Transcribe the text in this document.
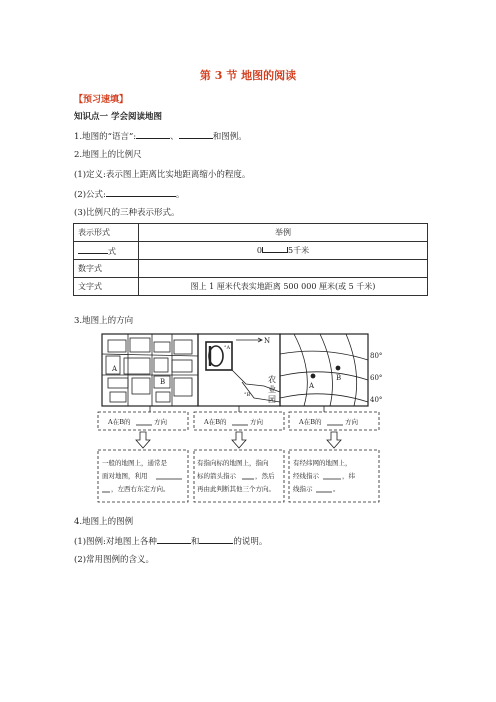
第 3 节 地图的阅读
【预习速填】
知识点一 学会阅读地图
1.地图的“语言”:	、	和图例。
2.地图上的比例尺
(1)定义:表示图上距离比实地距离缩小的程度。
(2)公式:	。
(3)比例尺的三种表示形式。
表示形式	举例
式	0 5千米
数字式	
文字式	图上 1 厘米代表实地距离 500 000 厘米(或 5 千米)
3.地图上的方向
A
B
°A
N
°B
农
业
园
A
B
80°
60°
40°
A在B的	方向	A在B的	方向	A在B的	方向
一般的地图上，通常是
面对地图，利用
，左西右东定方向。
有指向标的地图上，指向
标的箭头指示	，然后
再由此判断其他三个方向。
有经纬网的地图上，
经线指示	，纬
线指示	。
4.地图上的图例
(1)图例:对地图上各种	和	的说明。
(2)常用图例的含义。
